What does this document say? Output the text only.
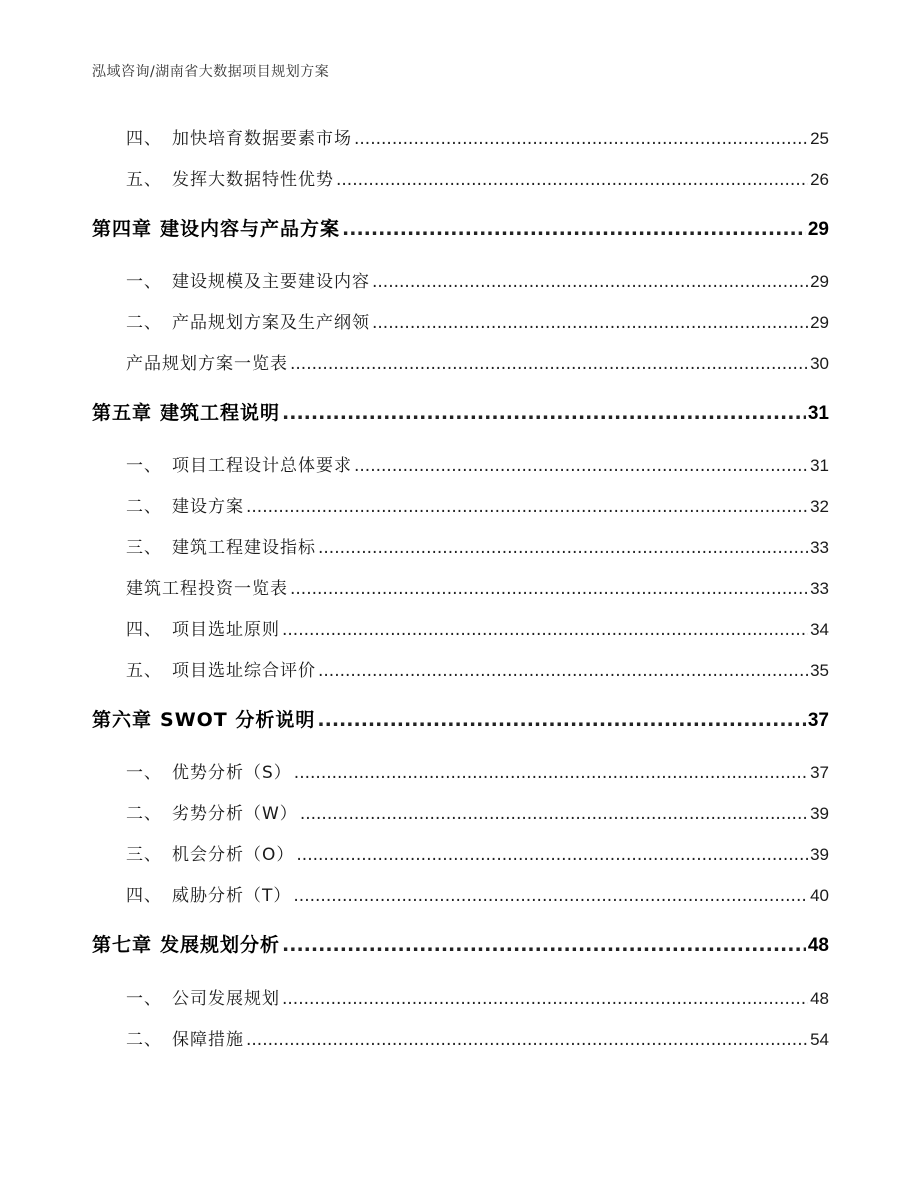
泓域咨询/湖南省大数据项目规划方案
四、 加快培育数据要素市场 .....	25
五、 发挥大数据特性优势 .....	26
第四章 建设内容与产品方案 .....	29
一、 建设规模及主要建设内容 .....	29
二、 产品规划方案及生产纲领 .....	29
产品规划方案一览表 .....	30
第五章 建筑工程说明 .....	31
一、 项目工程设计总体要求 .....	31
二、 建设方案 .....	32
三、 建筑工程建设指标 .....	33
建筑工程投资一览表 .....	33
四、 项目选址原则 .....	34
五、 项目选址综合评价 .....	35
第六章 SWOT 分析说明 .....	37
一、 优势分析（S） .....	37
二、 劣势分析（W） .....	39
三、 机会分析（O） .....	39
四、 威胁分析（T） .....	40
第七章 发展规划分析 .....	48
一、 公司发展规划 .....	48
二、 保障措施 .....	54
